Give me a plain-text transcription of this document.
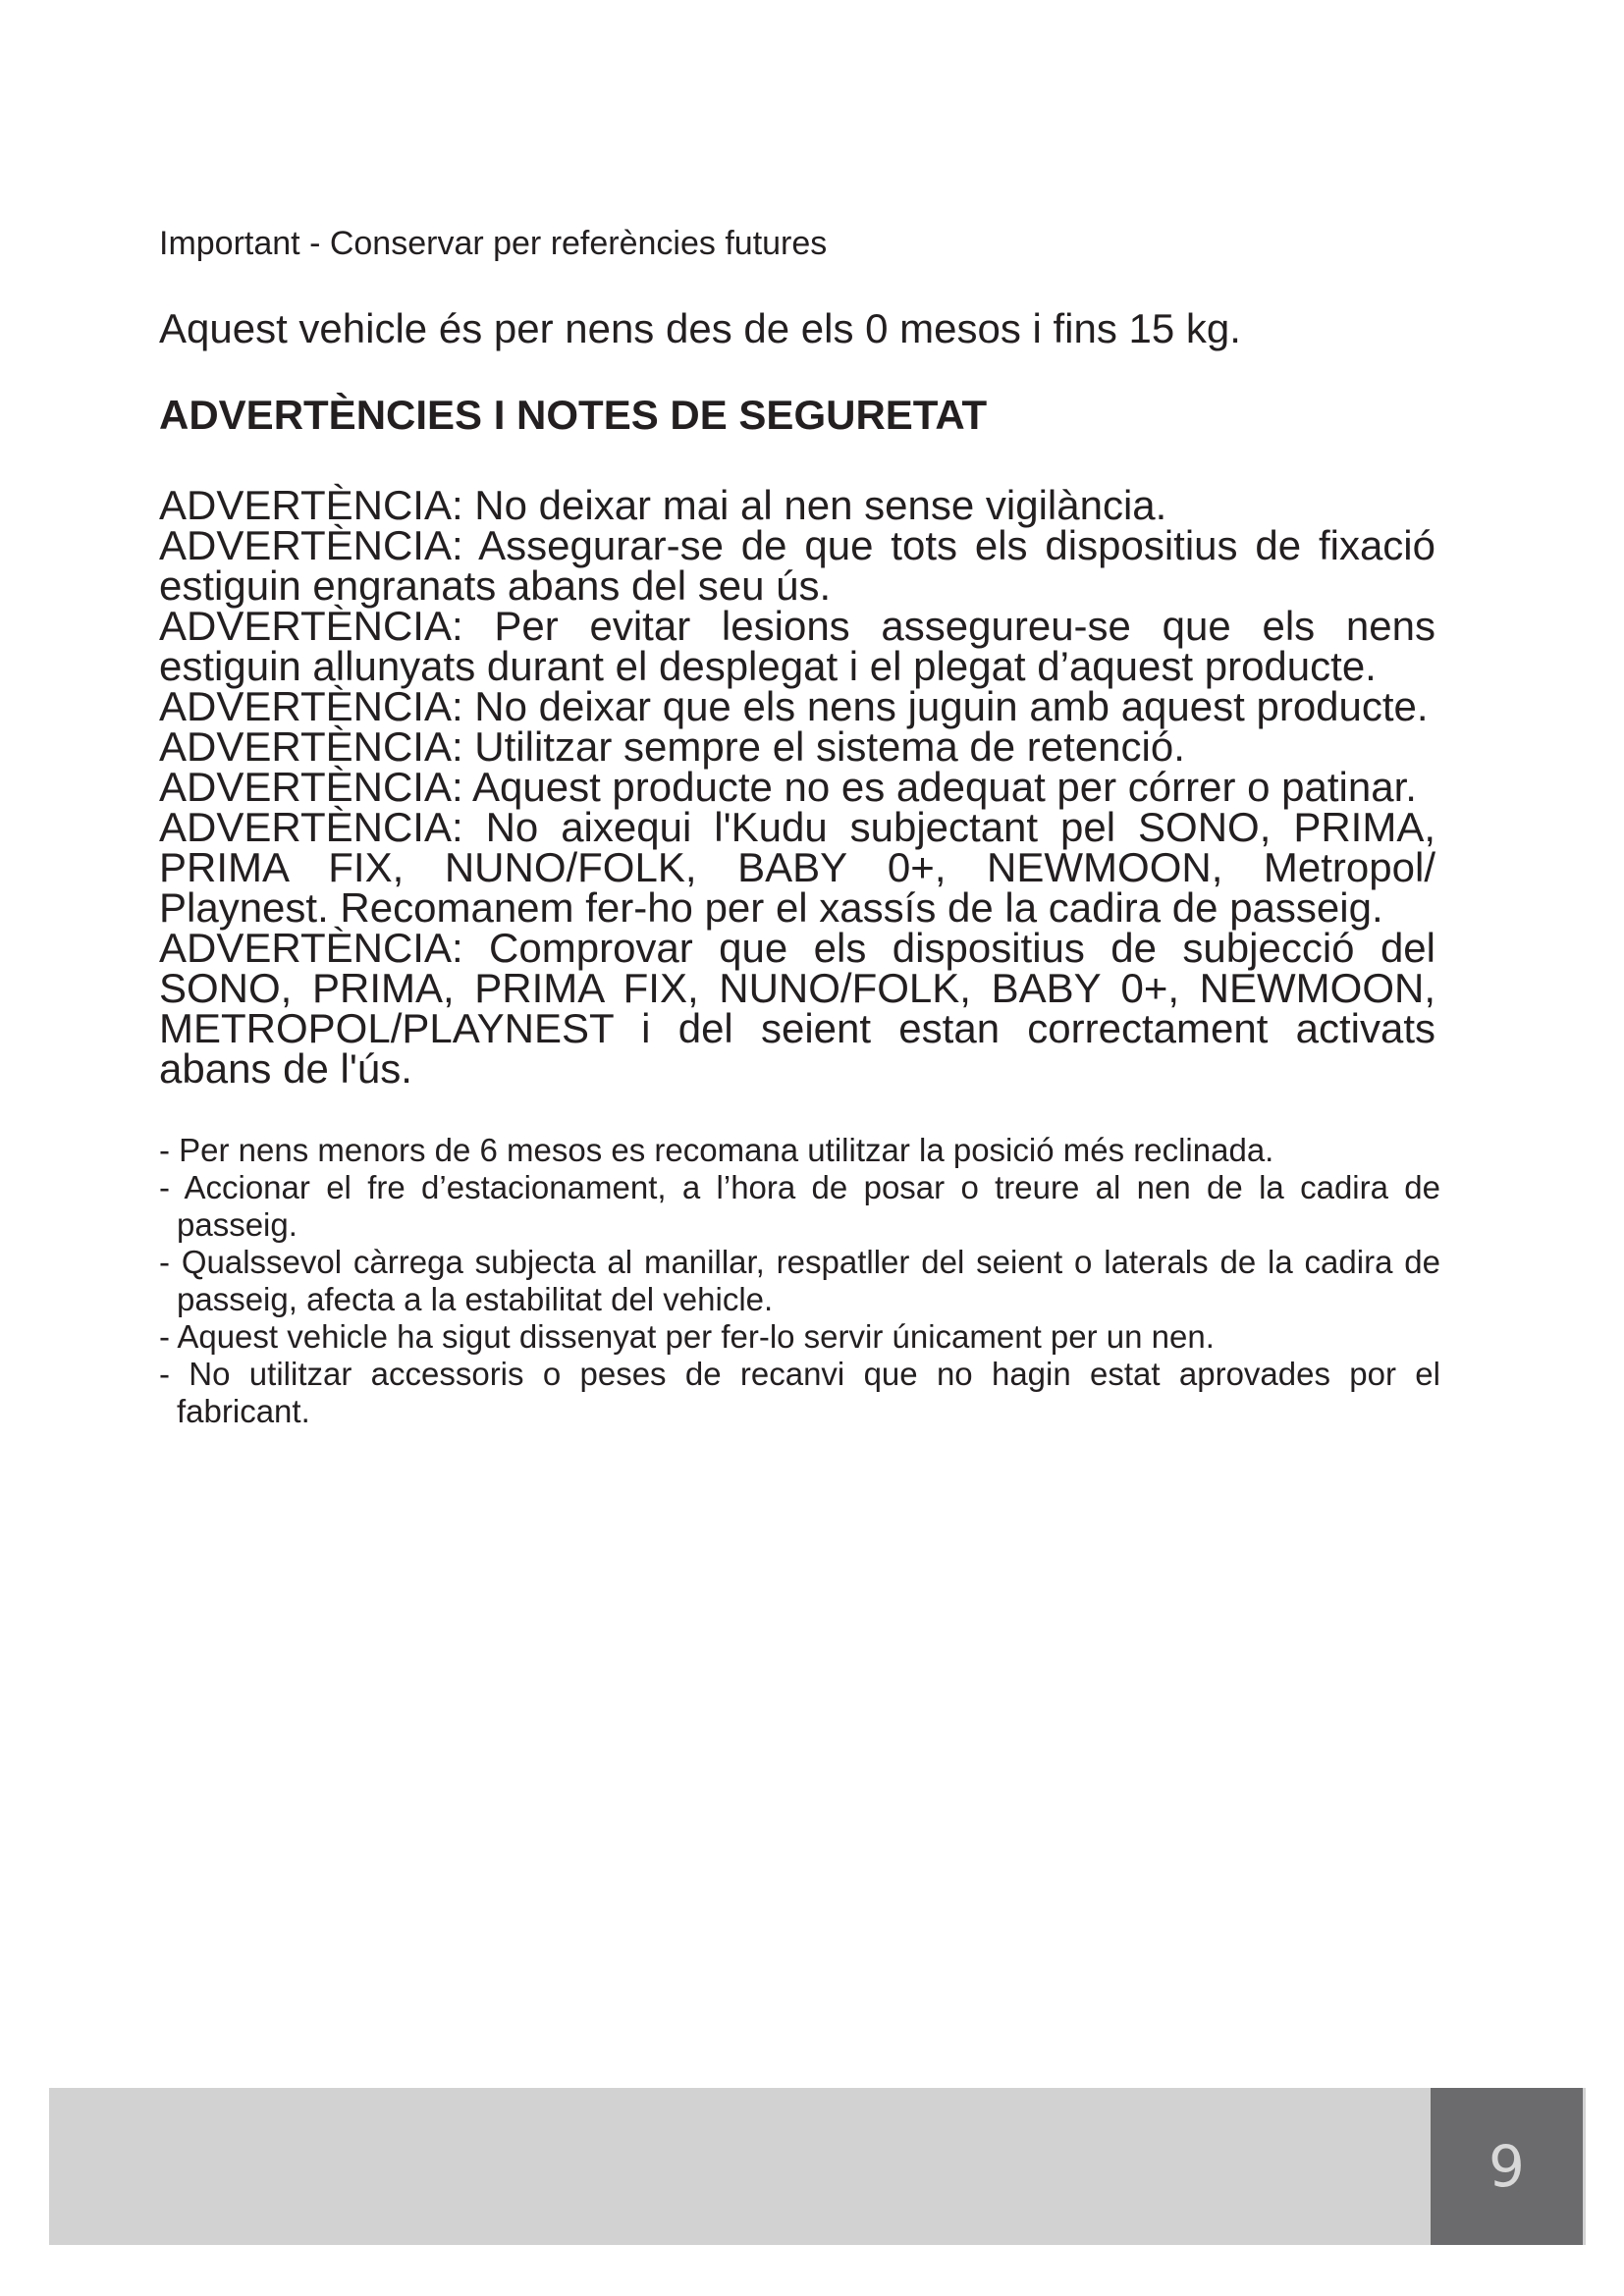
Important - Conservar per referències futures

Aquest vehicle és per nens des de els 0 mesos i fins 15 kg.

ADVERTÈNCIES I NOTES DE SEGURETAT

ADVERTÈNCIA: No deixar mai al nen sense vigilància.

ADVERTÈNCIA: Assegurar-se de que tots els dispositius de fixació estiguin engranats abans del seu ús.

ADVERTÈNCIA: Per evitar lesions assegureu-se que els nens estiguin allunyats durant el desplegat i el plegat d’aquest producte.

ADVERTÈNCIA: No deixar que els nens juguin amb aquest producte.

ADVERTÈNCIA: Utilitzar sempre el sistema de retenció.

ADVERTÈNCIA: Aquest producte no es adequat per córrer o patinar.

ADVERTÈNCIA: No aixequi l'Kudu subjectant pel SONO, PRIMA, PRIMA FIX, NUNO/FOLK, BABY 0+, NEWMOON, Metropol/ Playnest. Recomanem fer-ho per el xassís de la cadira de passeig.

ADVERTÈNCIA: Comprovar que els dispositius de subjecció del SONO, PRIMA, PRIMA FIX, NUNO/FOLK, BABY 0+, NEWMOON, METROPOL/PLAYNEST i del seient estan correctament activats abans de l'ús.

- Per nens menors de 6 mesos es recomana utilitzar la posició més reclinada.
- Accionar el fre d’estacionament, a l’hora de posar o treure al nen de la cadira de passeig.
- Qualssevol càrrega subjecta al manillar, respatller del seient o laterals de la cadira de passeig, afecta a la estabilitat del vehicle.
- Aquest vehicle ha sigut dissenyat per fer-lo servir únicament per un nen.
- No utilitzar accessoris o peses de recanvi que no hagin estat aprovades por el fabricant.
9
